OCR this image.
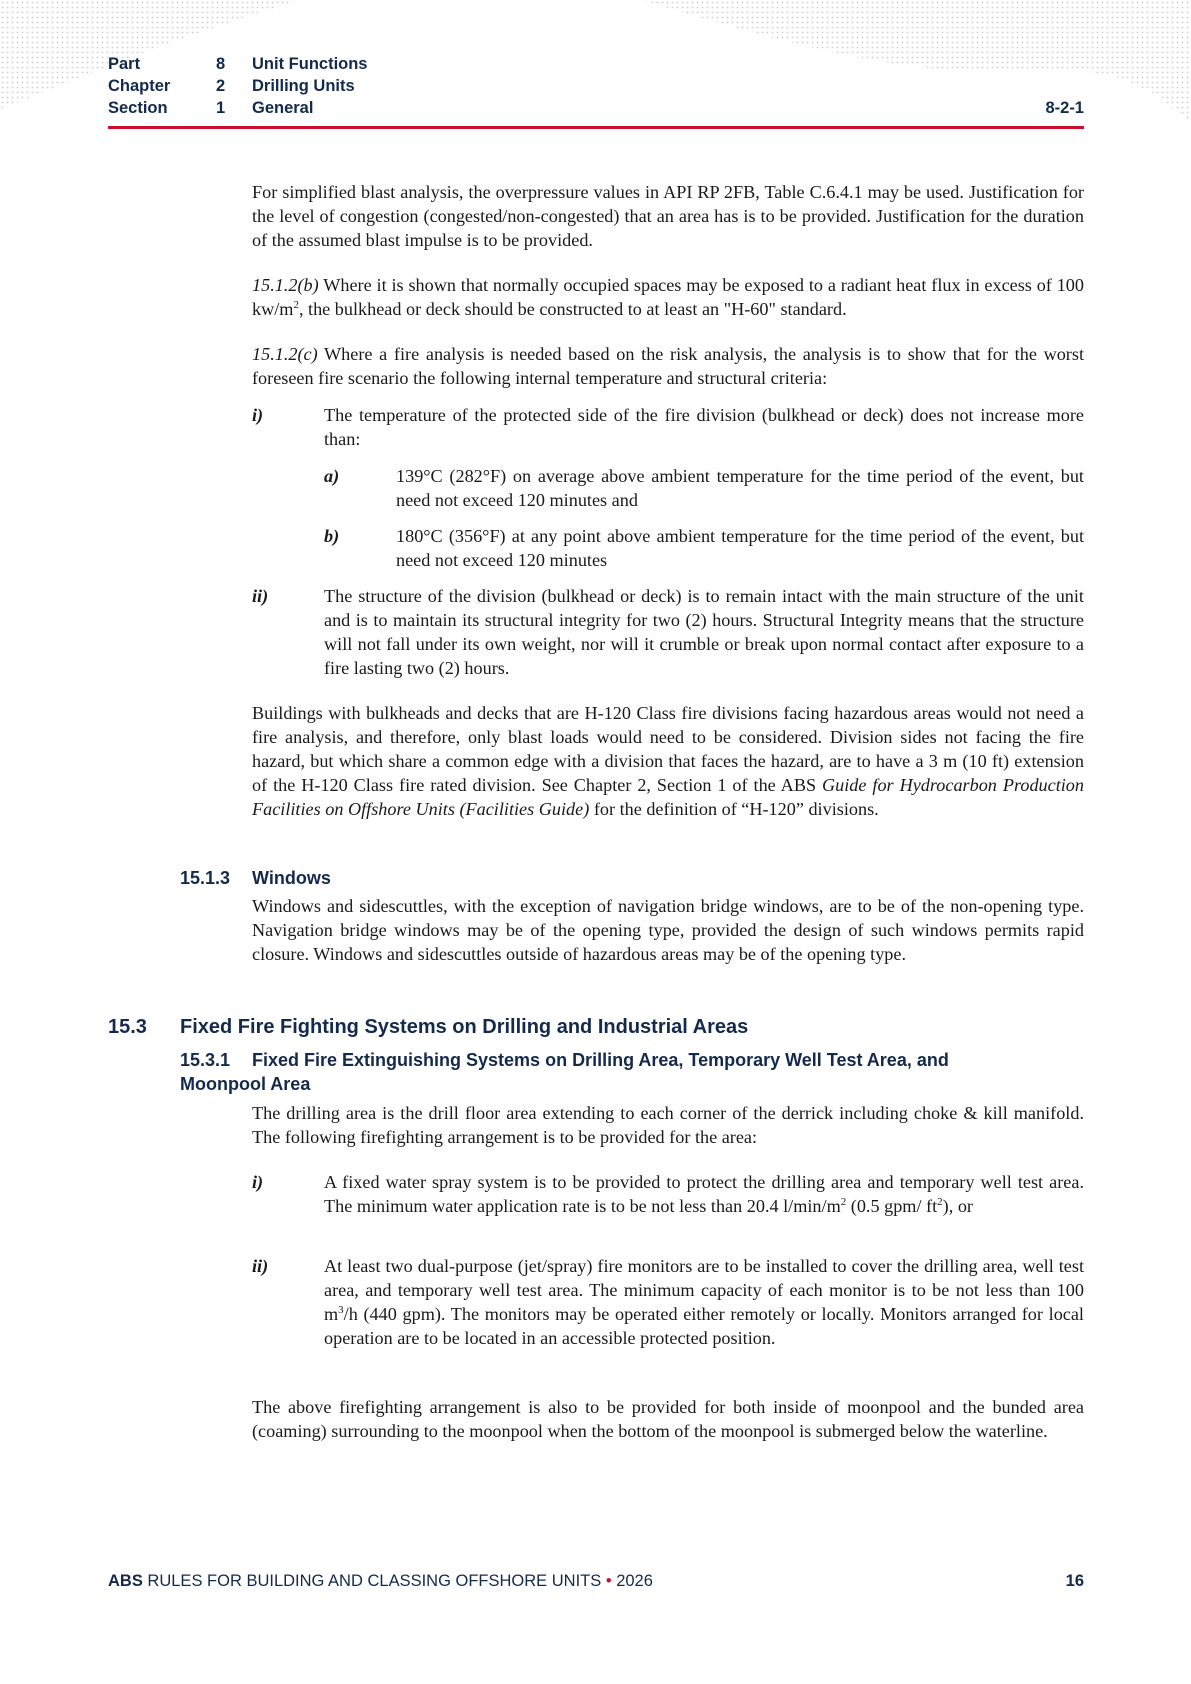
Part	8 Unit Functions
Chapter	2 Drilling Units
Section	1 General	8-2-1
For simplified blast analysis, the overpressure values in API RP 2FB, Table C.6.4.1 may be used. Justification for the level of congestion (congested/non-congested) that an area has is to be provided. Justification for the duration of the assumed blast impulse is to be provided.
15.1.2(b) Where it is shown that normally occupied spaces may be exposed to a radiant heat flux in excess of 100 $kw/m^2$, the bulkhead or deck should be constructed to at least an "H-60" standard.
15.1.2(c) Where a fire analysis is needed based on the risk analysis, the analysis is to show that for the worst foreseen fire scenario the following internal temperature and structural criteria:
i)	The temperature of the protected side of the fire division (bulkhead or deck) does not increase more than:
a)	139°C (282°F) on average above ambient temperature for the time period of the event, but need not exceed 120 minutes and
b)	180°C (356°F) at any point above ambient temperature for the time period of the event, but need not exceed 120 minutes
ii)	The structure of the division (bulkhead or deck) is to remain intact with the main structure of the unit and is to maintain its structural integrity for two (2) hours. Structural Integrity means that the structure will not fall under its own weight, nor will it crumble or break upon normal contact after exposure to a fire lasting two (2) hours.
Buildings with bulkheads and decks that are H-120 Class fire divisions facing hazardous areas would not need a fire analysis, and therefore, only blast loads would need to be considered. Division sides not facing the fire hazard, but which share a common edge with a division that faces the hazard, are to have a 3 m (10 ft) extension of the H-120 Class fire rated division. See Chapter 2, Section 1 of the ABS Guide for Hydrocarbon Production Facilities on Offshore Units (Facilities Guide) for the definition of “H-120” divisions.
15.1.3 Windows
Windows and sidescuttles, with the exception of navigation bridge windows, are to be of the non-opening type. Navigation bridge windows may be of the opening type, provided the design of such windows permits rapid closure. Windows and sidescuttles outside of hazardous areas may be of the opening type.
15.3 Fixed Fire Fighting Systems on Drilling and Industrial Areas
15.3.1 Fixed Fire Extinguishing Systems on Drilling Area, Temporary Well Test Area, and
Moonpool Area
The drilling area is the drill floor area extending to each corner of the derrick including choke & kill manifold. The following firefighting arrangement is to be provided for the area:
i)	A fixed water spray system is to be provided to protect the drilling area and temporary well test area. The minimum water application rate is to be not less than 20.4 $l/\min/m^2$ (0.5 gpm/ $ft^2$), or
ii)	At least two dual-purpose (jet/spray) fire monitors are to be installed to cover the drilling area, well test area, and temporary well test area. The minimum capacity of each monitor is to be not less than 100 $m^3/h$ (440 gpm). The monitors may be operated either remotely or locally. Monitors arranged for local operation are to be located in an accessible protected position.
The above firefighting arrangement is also to be provided for both inside of moonpool and the bunded area (coaming) surrounding to the moonpool when the bottom of the moonpool is submerged below the waterline.
ABS RULES FOR BUILDING AND CLASSING OFFSHORE UNITS • 2026	16
